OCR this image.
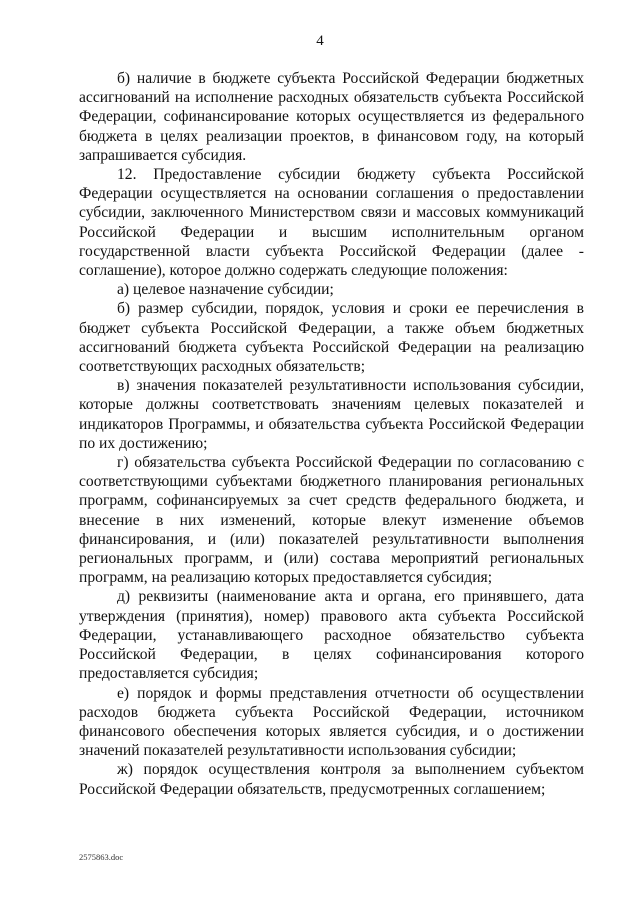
4

б) наличие в бюджете субъекта Российской Федерации бюджетных ассигнований на исполнение расходных обязательств субъекта Российской Федерации, софинансирование которых осуществляется из федерального бюджета в целях реализации проектов, в финансовом году, на который запрашивается субсидия.

12. Предоставление субсидии бюджету субъекта Российской Федерации осуществляется на основании соглашения о предоставлении субсидии, заключенного Министерством связи и массовых коммуникаций Российской Федерации и высшим исполнительным органом государственной власти субъекта Российской Федерации (далее - соглашение), которое должно содержать следующие положения:

а) целевое назначение субсидии;

б) размер субсидии, порядок, условия и сроки ее перечисления в бюджет субъекта Российской Федерации, а также объем бюджетных ассигнований бюджета субъекта Российской Федерации на реализацию соответствующих расходных обязательств;

в) значения показателей результативности использования субсидии, которые должны соответствовать значениям целевых показателей и индикаторов Программы, и обязательства субъекта Российской Федерации по их достижению;

г) обязательства субъекта Российской Федерации по согласованию с соответствующими субъектами бюджетного планирования региональных программ, софинансируемых за счет средств федерального бюджета, и внесение в них изменений, которые влекут изменение объемов финансирования, и (или) показателей результативности выполнения региональных программ, и (или) состава мероприятий региональных программ, на реализацию которых предоставляется субсидия;

д) реквизиты (наименование акта и органа, его принявшего, дата утверждения (принятия), номер) правового акта субъекта Российской Федерации, устанавливающего расходное обязательство субъекта Российской Федерации, в целях софинансирования которого предоставляется субсидия;

е) порядок и формы представления отчетности об осуществлении расходов бюджета субъекта Российской Федерации, источником финансового обеспечения которых является субсидия, и о достижении значений показателей результативности использования субсидии;

ж) порядок осуществления контроля за выполнением субъектом Российской Федерации обязательств, предусмотренных соглашением;

2575863.doc
